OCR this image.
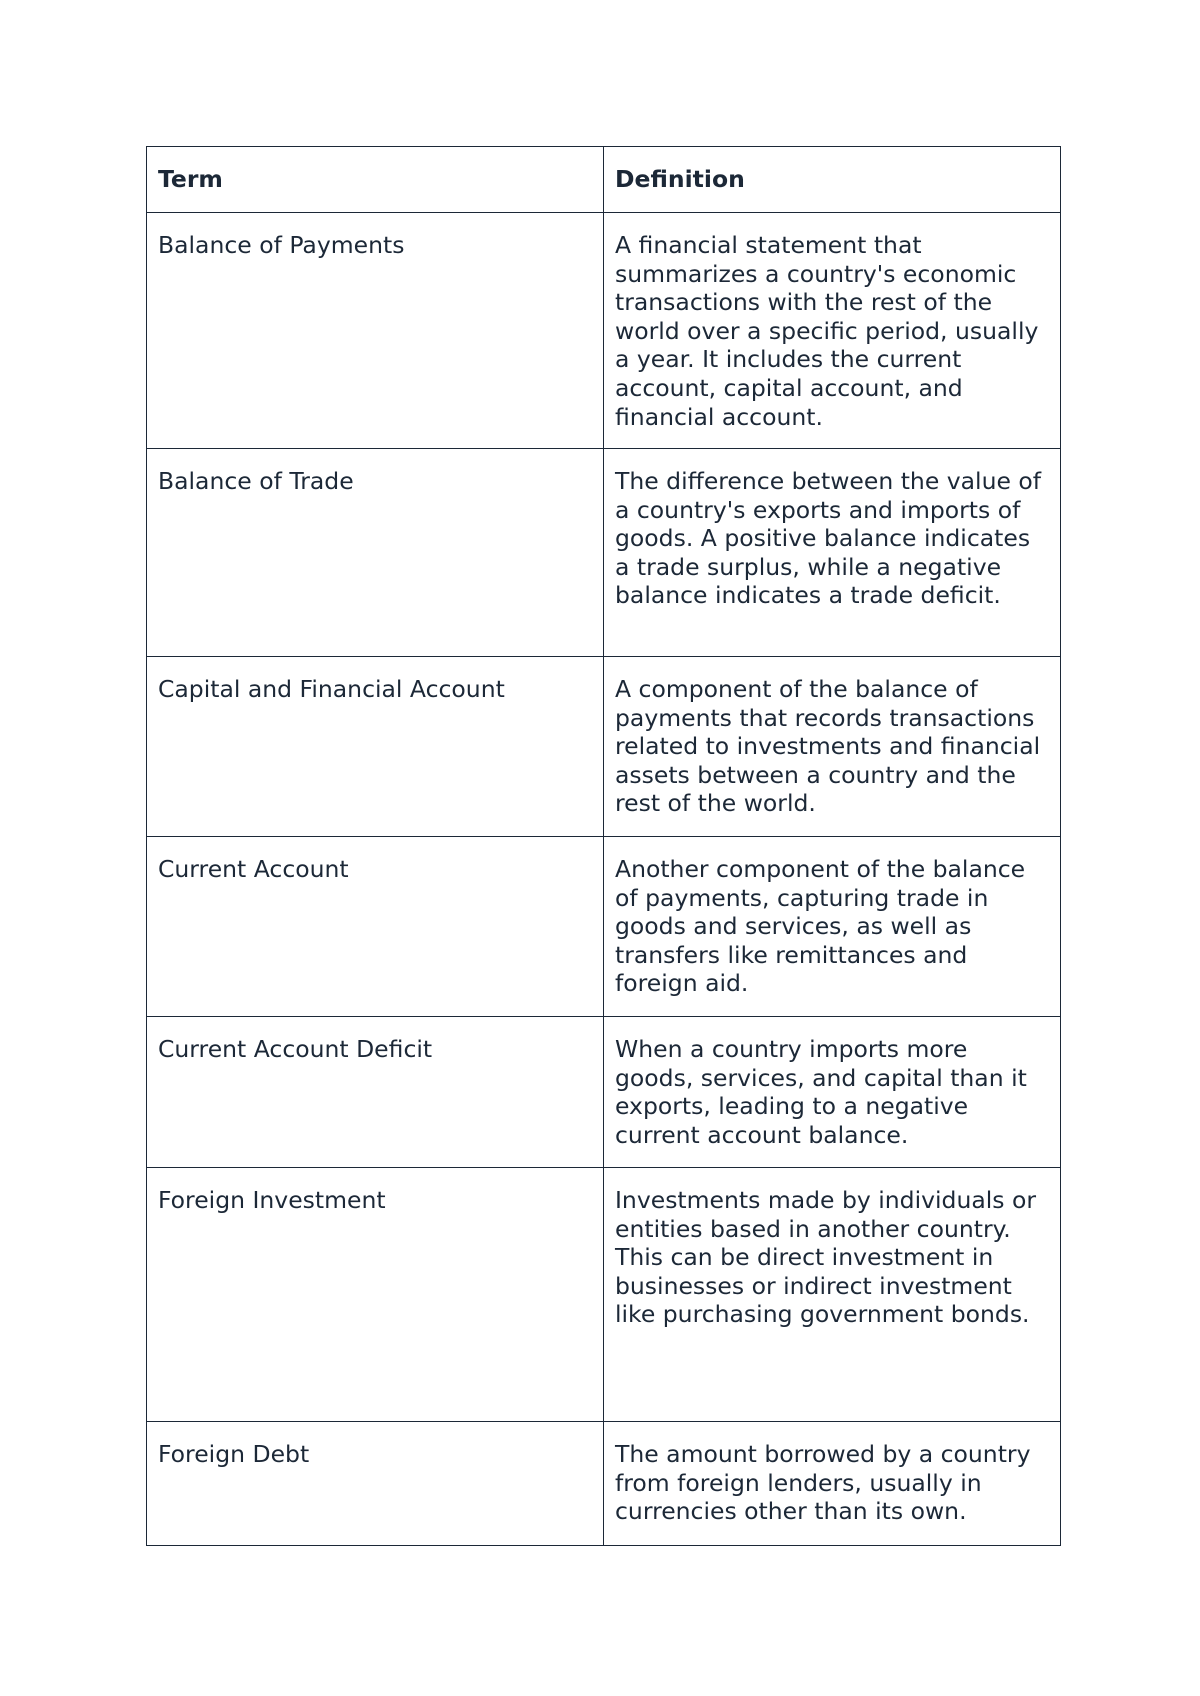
Term	Definition
Balance of Payments	A financial statement that summarizes a country's economic transactions with the rest of the world over a specific period, usually a year. It includes the current account, capital account, and financial account.
Balance of Trade	The difference between the value of a country's exports and imports of goods. A positive balance indicates a trade surplus, while a negative balance indicates a trade deficit.
Capital and Financial Account	A component of the balance of payments that records transactions related to investments and financial assets between a country and the rest of the world.
Current Account	Another component of the balance of payments, capturing trade in goods and services, as well as transfers like remittances and foreign aid.
Current Account Deficit	When a country imports more goods, services, and capital than it exports, leading to a negative current account balance.
Foreign Investment	Investments made by individuals or entities based in another country. This can be direct investment in businesses or indirect investment like purchasing government bonds.
Foreign Debt	The amount borrowed by a country from foreign lenders, usually in currencies other than its own.
